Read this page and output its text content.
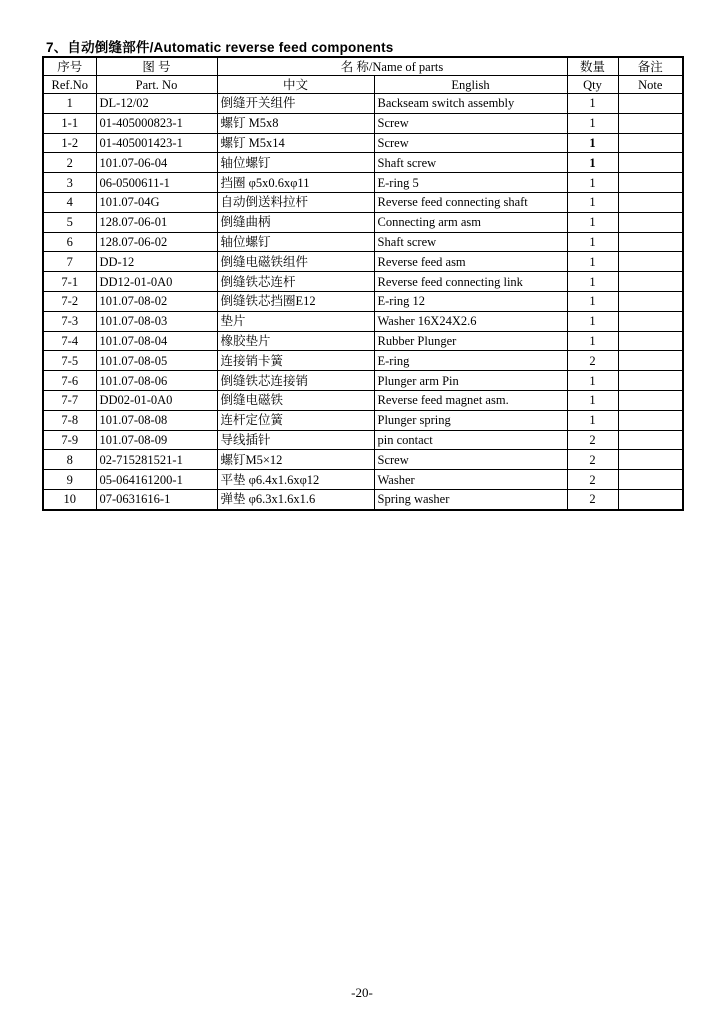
7、自动倒缝部件/Automatic reverse feed components
序号	图 号	名 称/Name of parts		数量	备注
Ref.No	Part. No	中文	English	Qty	Note
1	DL-12/02	倒缝开关组件	Backseam switch assembly	1	
1-1	01-405000823-1	螺钉 M5x8	Screw	1	
1-2	01-405001423-1	螺钉 M5x14	Screw	1	
2	101.07-06-04	轴位螺钉	Shaft screw	1	
3	06-0500611-1	挡圈 φ5x0.6xφ11	E-ring 5	1	
4	101.07-04G	自动倒送料拉杆	Reverse feed connecting shaft	1	
5	128.07-06-01	倒缝曲柄	Connecting arm asm	1	
6	128.07-06-02	轴位螺钉	Shaft screw	1	
7	DD-12	倒缝电磁铁组件	Reverse feed asm	1	
7-1	DD12-01-0A0	倒缝铁芯连杆	Reverse feed connecting link	1	
7-2	101.07-08-02	倒缝铁芯挡圈E12	E-ring 12	1	
7-3	101.07-08-03	垫片	Washer 16X24X2.6	1	
7-4	101.07-08-04	橡胶垫片	Rubber Plunger	1	
7-5	101.07-08-05	连接销卡簧	E-ring	2	
7-6	101.07-08-06	倒缝铁芯连接销	Plunger arm Pin	1	
7-7	DD02-01-0A0	倒缝电磁铁	Reverse feed magnet asm.	1	
7-8	101.07-08-08	连杆定位簧	Plunger spring	1	
7-9	101.07-08-09	导线插针	pin contact	2	
8	02-715281521-1	螺钉M5×12	Screw	2	
9	05-064161200-1	平垫 φ6.4x1.6xφ12	Washer	2	
10	07-0631616-1	弹垫 φ6.3x1.6x1.6	Spring washer	2	
-20-
